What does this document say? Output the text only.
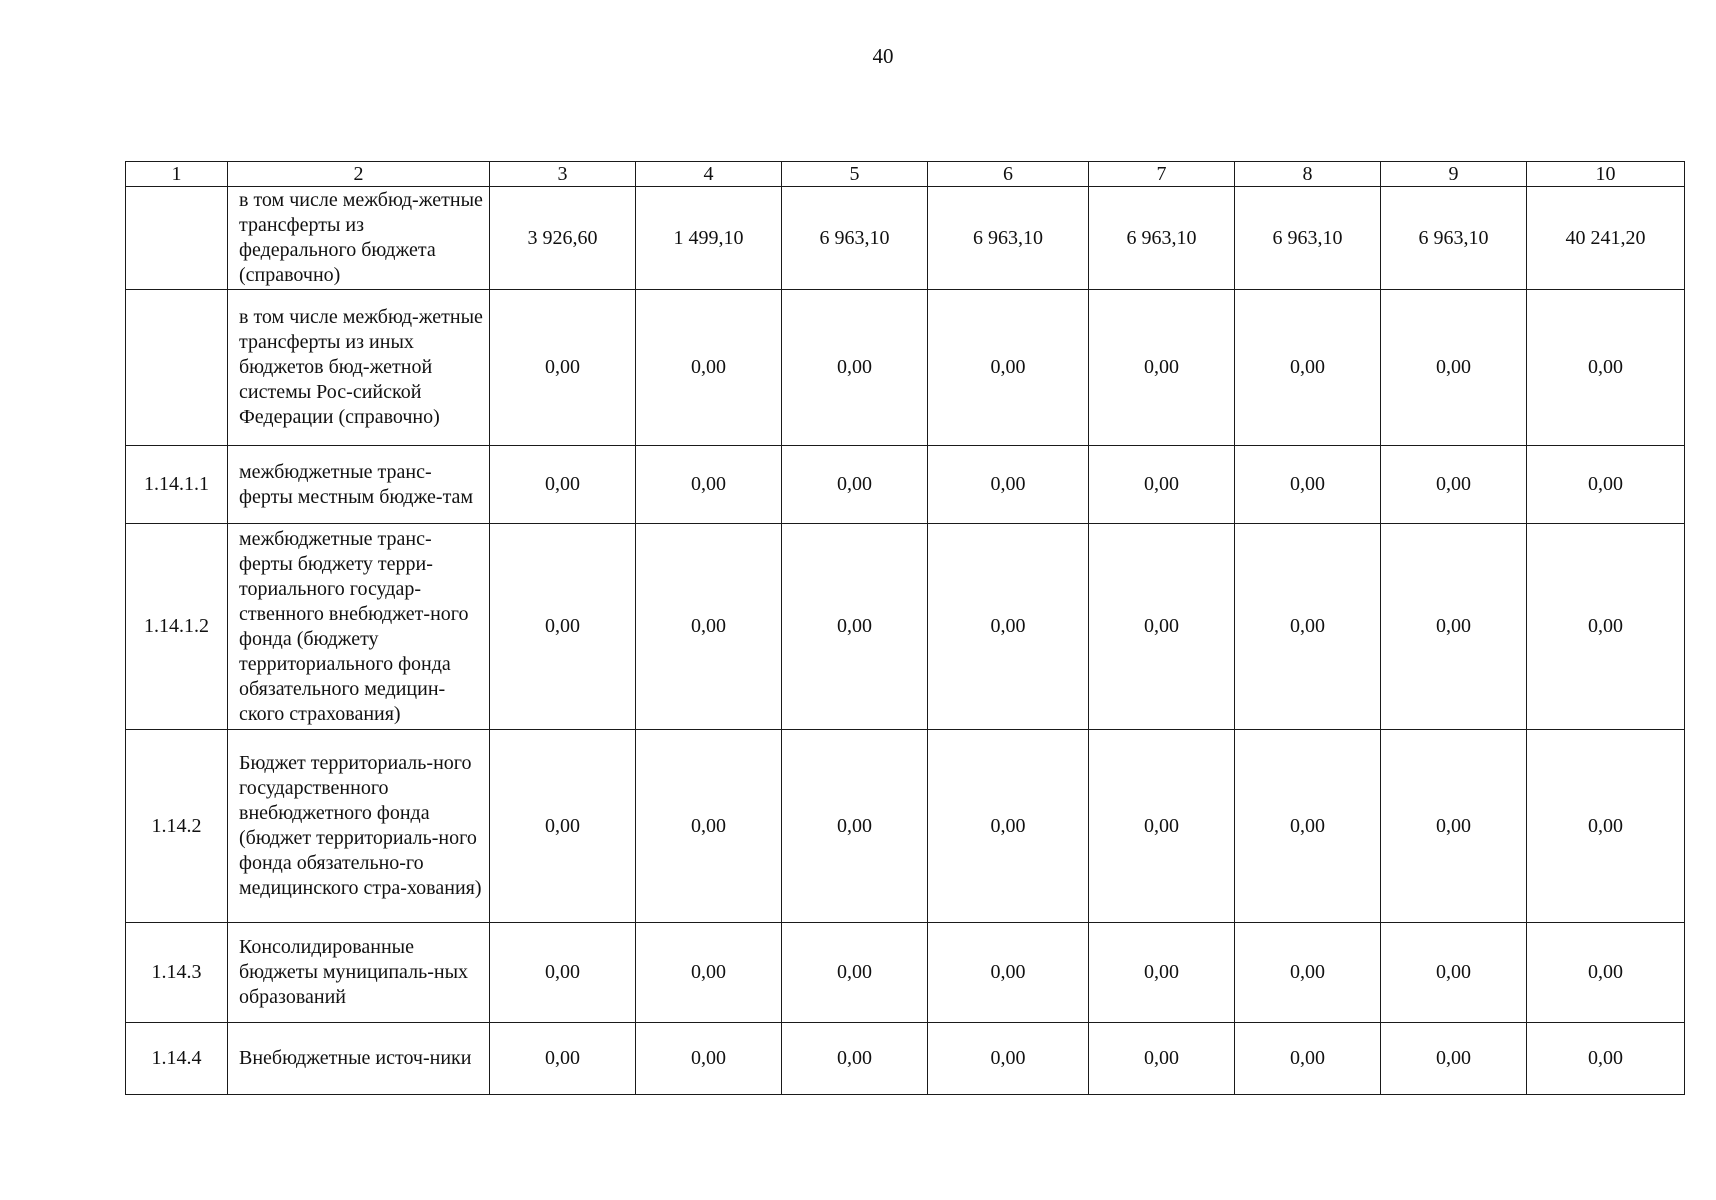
40
1	2	3	4	5	6	7	8	9	10
	в том числе межбюд-жетные трансферты из федерального бюджета (справочно)	3 926,60	1 499,10	6 963,10	6 963,10	6 963,10	6 963,10	6 963,10	40 241,20
	в том числе межбюд-жетные трансферты из иных бюджетов бюд-жетной системы Рос-сийской Федерации (справочно)	0,00	0,00	0,00	0,00	0,00	0,00	0,00	0,00
1.14.1.1	межбюджетные транс-ферты местным бюдже-там	0,00	0,00	0,00	0,00	0,00	0,00	0,00	0,00
1.14.1.2	межбюджетные транс-ферты бюджету терри-ториального государ-ственного внебюджет-ного фонда (бюджету территориального фонда обязательного медицин-ского страхования)	0,00	0,00	0,00	0,00	0,00	0,00	0,00	0,00
1.14.2	Бюджет территориаль-ного государственного внебюджетного фонда (бюджет территориаль-ного фонда обязательно-го медицинского стра-хования)	0,00	0,00	0,00	0,00	0,00	0,00	0,00	0,00
1.14.3	Консолидированные бюджеты муниципаль-ных образований	0,00	0,00	0,00	0,00	0,00	0,00	0,00	0,00
1.14.4	Внебюджетные источ-ники	0,00	0,00	0,00	0,00	0,00	0,00	0,00	0,00
